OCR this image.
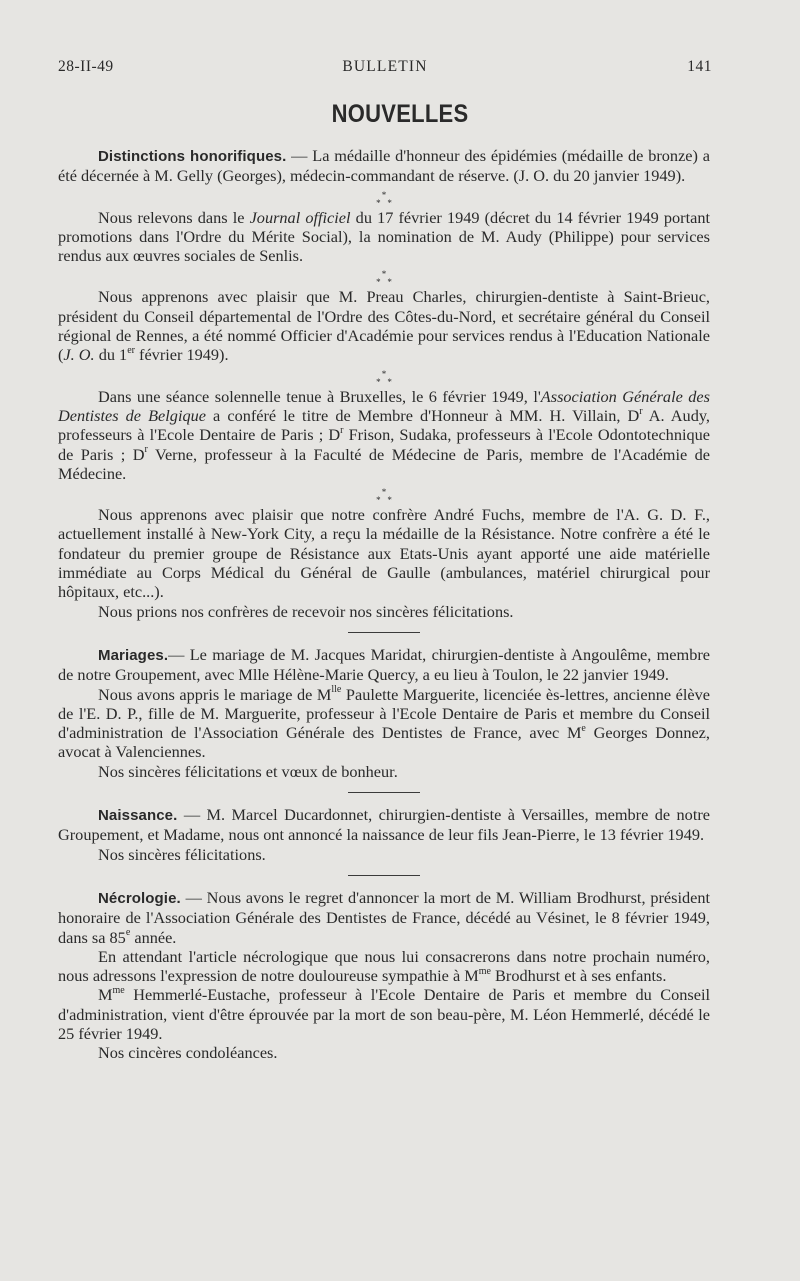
28-II-49	BULLETIN	141
NOUVELLES

Distinctions honorifiques. — La médaille d'honneur des épidémies (médaille de bronze) a été décernée à M. Gelly (Georges), médecin-commandant de réserve. (J. O. du 20 janvier 1949).

*
* *

Nous relevons dans le Journal officiel du 17 février 1949 (décret du 14 février 1949 portant promotions dans l'Ordre du Mérite Social), la nomination de M. Audy (Philippe) pour services rendus aux œuvres sociales de Senlis.

*
* *

Nous apprenons avec plaisir que M. Preau Charles, chirurgien-dentiste à Saint-Brieuc, président du Conseil départemental de l'Ordre des Côtes-du-Nord, et secrétaire général du Conseil régional de Rennes, a été nommé Officier d'Académie pour services rendus à l'Education Nationale (J. O. du 1er février 1949).

*
* *

Dans une séance solennelle tenue à Bruxelles, le 6 février 1949, l'Association Générale des Dentistes de Belgique a conféré le titre de Membre d'Honneur à MM. H. Villain, $D^r$ A. Audy, professeurs à l'Ecole Dentaire de Paris ; $D^r$ Frison, Sudaka, professeurs à l'Ecole Odontotechnique de Paris ; $D^r$ Verne, professeur à la Faculté de Médecine de Paris, membre de l'Académie de Médecine.

*
* *

Nous apprenons avec plaisir que notre confrère André Fuchs, membre de l'A. G. D. F., actuellement installé à New-York City, a reçu la médaille de la Résistance. Notre confrère a été le fondateur du premier groupe de Résistance aux Etats-Unis ayant apporté une aide matérielle immédiate au Corps Médical du Général de Gaulle (ambulances, matériel chirurgical pour hôpitaux, etc...).

Nous prions nos confrères de recevoir nos sincères félicitations.

Mariages.— Le mariage de M. Jacques Maridat, chirurgien-dentiste à Angoulême, membre de notre Groupement, avec Mlle Hélène-Marie Quercy, a eu lieu à Toulon, le 22 janvier 1949.

Nous avons appris le mariage de $M^{lle}$ Paulette Marguerite, licenciée ès-lettres, ancienne élève de l'E. D. P., fille de M. Marguerite, professeur à l'Ecole Dentaire de Paris et membre du Conseil d'administration de l'Association Générale des Dentistes de France, avec Me Georges Donnez, avocat à Valenciennes.

Nos sincères félicitations et vœux de bonheur.

Naissance. — M. Marcel Ducardonnet, chirurgien-dentiste à Versailles, membre de notre Groupement, et Madame, nous ont annoncé la naissance de leur fils Jean-Pierre, le 13 février 1949.

Nos sincères félicitations.

Nécrologie. — Nous avons le regret d'annoncer la mort de M. William Brodhurst, président honoraire de l'Association Générale des Dentistes de France, décédé au Vésinet, le 8 février 1949, dans sa 85e année.

En attendant l'article nécrologique que nous lui consacrerons dans notre prochain numéro, nous adressons l'expression de notre douloureuse sympathie à $M^{me}$ Brodhurst et à ses enfants.

$M^{me}$ Hemmerlé-Eustache, professeur à l'Ecole Dentaire de Paris et membre du Conseil d'administration, vient d'être éprouvée par la mort de son beau-père, M. Léon Hemmerlé, décédé le 25 février 1949.

Nos cincères condoléances.
